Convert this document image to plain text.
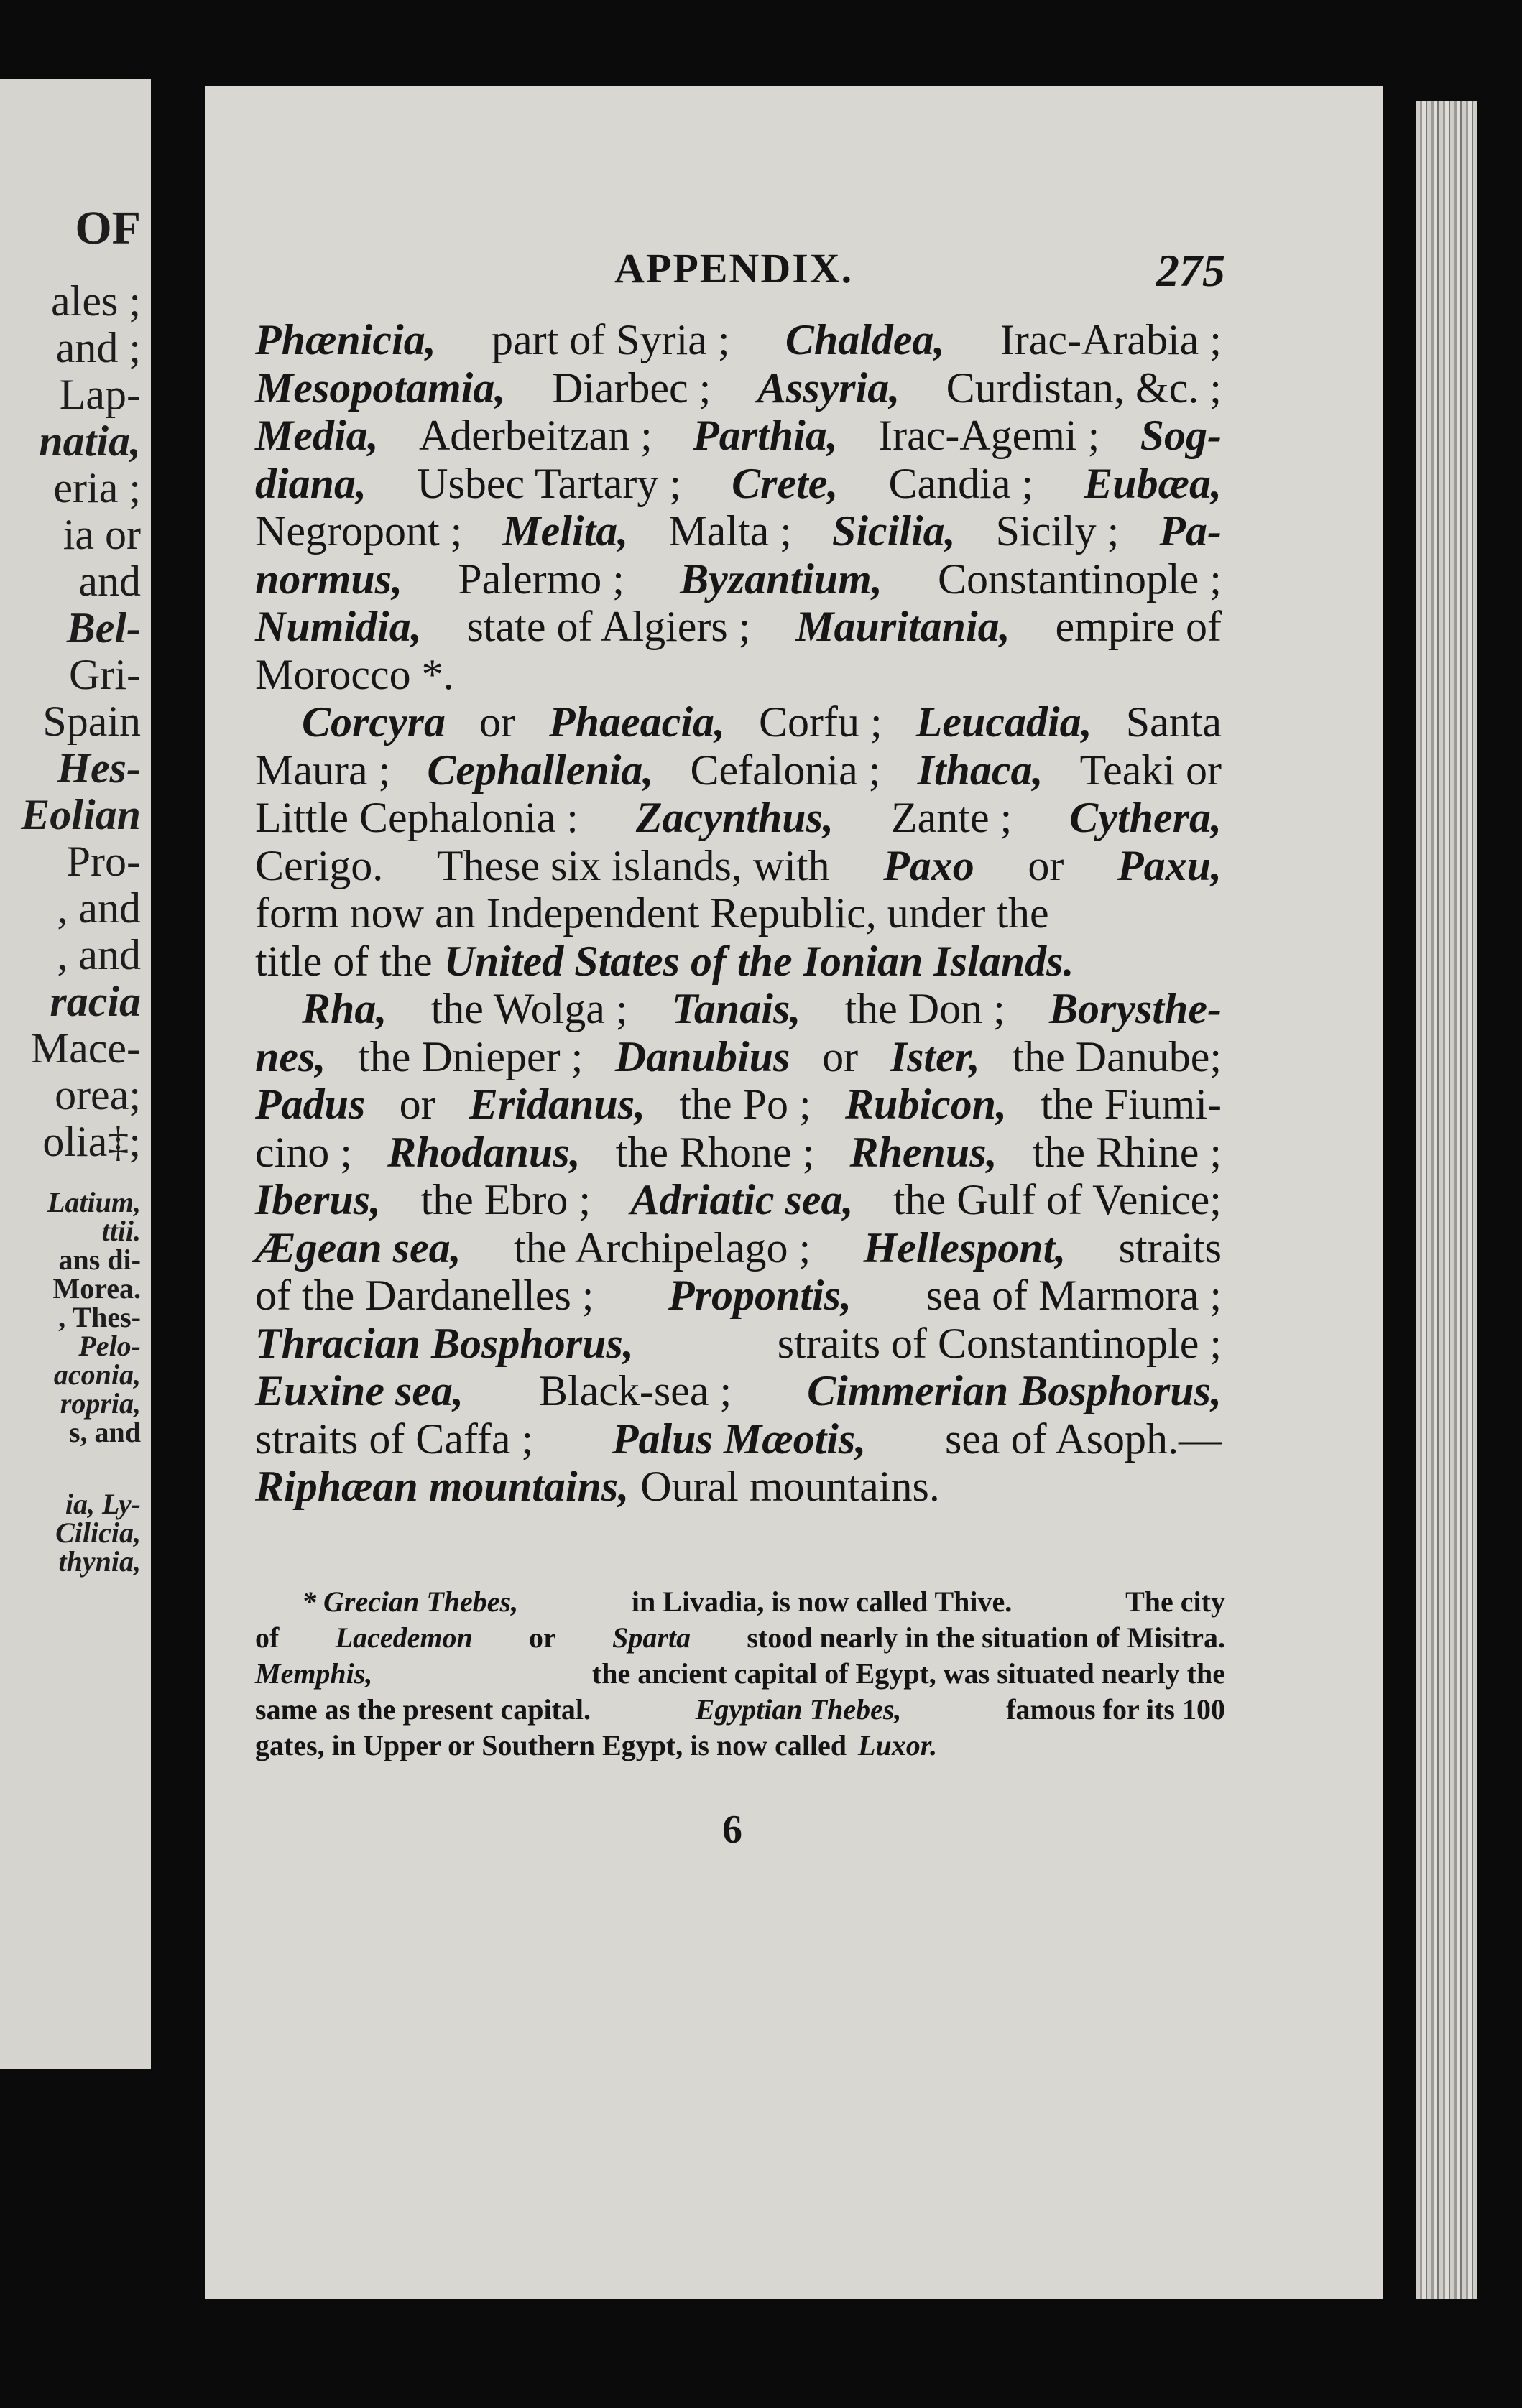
OF
ales ;
and ;
Lap-
natia,
eria ;
ia or
and
Bel-
Gri-
Spain
Hes-
Eolian
Pro-
, and
, and
racia
Mace-
orea;
olia‡;
Latium,
ttii.
ans di-
Morea.
, Thes-
Pelo-
aconia,
ropria,
s, and
ia, Ly-
Cilicia,
thynia,
APPENDIX.	275
Phænicia, part of Syria ; Chaldea, Irac-Arabia ;
Mesopotamia, Diarbec ; Assyria, Curdistan, &c. ;
Media, Aderbeitzan ; Parthia, Irac-Agemi ; Sog-
diana, Usbec Tartary ; Crete, Candia ; Eubæa,
Negropont ; Melita, Malta ; Sicilia, Sicily ; Pa-
normus, Palermo ; Byzantium, Constantinople ;
Numidia, state of Algiers ; Mauritania, empire of
Morocco *.
Corcyra or Phaeacia, Corfu ; Leucadia, Santa
Maura ; Cephallenia, Cefalonia ; Ithaca, Teaki or
Little Cephalonia : Zacynthus, Zante ; Cythera,
Cerigo. These six islands, with Paxo or Paxu,
form now an Independent Republic, under the
title of the United States of the Ionian Islands.
Rha, the Wolga ; Tanais, the Don ; Borysthe-
nes, the Dnieper ; Danubius or Ister, the Danube;
Padus or Eridanus, the Po ; Rubicon, the Fiumi-
cino ; Rhodanus, the Rhone ; Rhenus, the Rhine ;
Iberus, the Ebro ; Adriatic sea, the Gulf of Venice;
Ægean sea, the Archipelago ; Hellespont, straits
of the Dardanelles ; Propontis, sea of Marmora ;
Thracian Bosphorus,	straits of Constantinople ;
Euxine sea, Black-sea ; Cimmerian Bosphorus,
straits of Caffa ; Palus Mæotis, sea of Asoph.—
Riphæan mountains, Oural mountains.
* Grecian Thebes,	in Livadia, is now called Thive.	The city
of Lacedemon or Sparta stood nearly in the situation of Misitra.
Memphis,	the ancient capital of Egypt, was situated nearly the
same as the present capital.	Egyptian Thebes,	famous for its 100
gates, in Upper or Southern Egypt, is now called Luxor.
6
